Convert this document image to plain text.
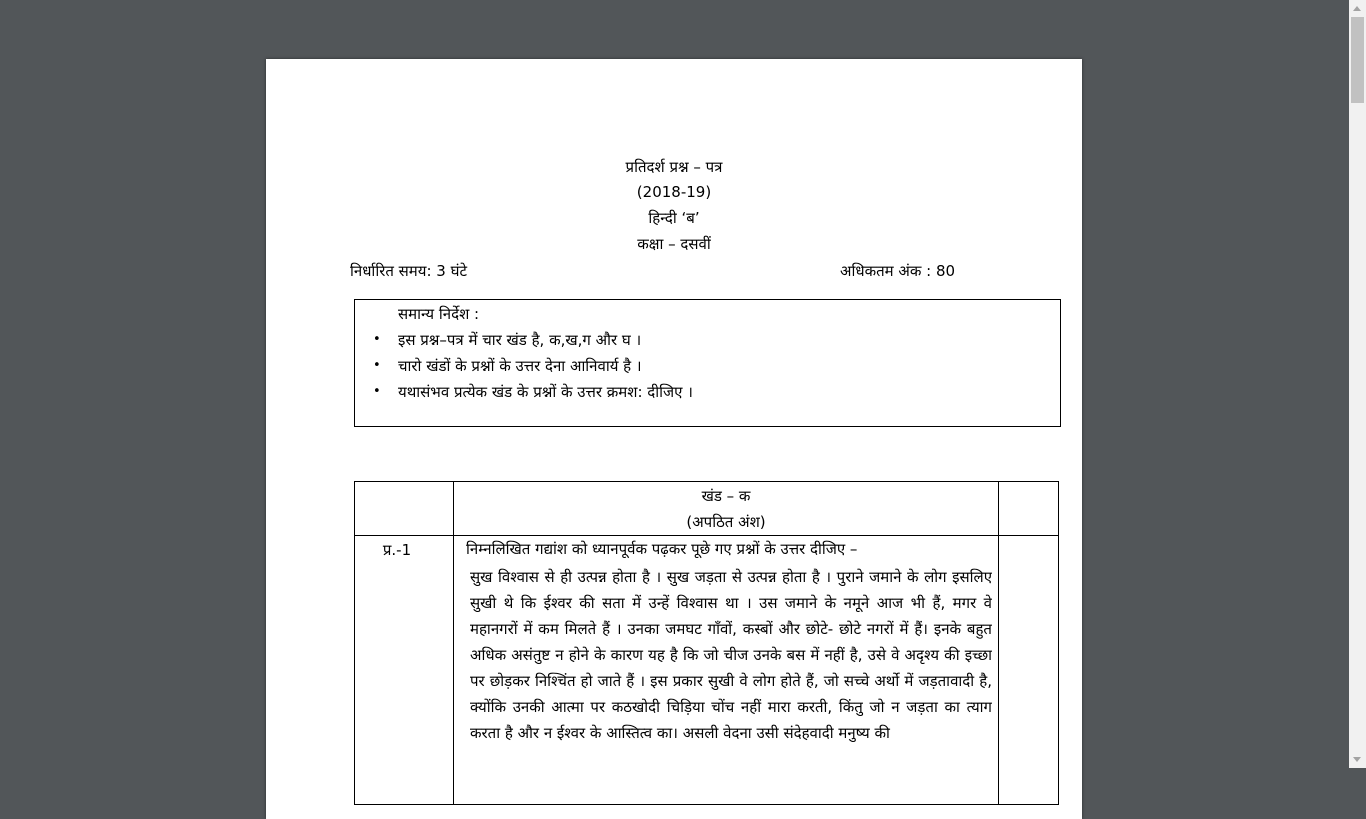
प्रतिदर्श प्रश्न – पत्र
(2018-19)
हिन्दी ‘ब’
कक्षा – दसवीं
निर्धारित समय: 3 घंटे	अधिकतम अंक : 80
समान्य निर्देश :
• इस प्रश्न–पत्र में चार खंड है, क,ख,ग और घ ।
• चारो खंडों के प्रश्नों के उत्तर देना आनिवार्य है ।
• यथासंभव प्रत्येक खंड के प्रश्नों के उत्तर क्रमश: दीजिए ।

	खंड – क
(अपठित अंश)	

प्र.-1	निम्नलिखित गद्यांश को ध्यानपूर्वक पढ़कर पूछे गए प्रश्नों के उत्तर दीजिए –
सुख विश्वास से ही उत्पन्न होता है । सुख जड़ता से उत्पन्न होता है । पुराने जमाने के लोग इसलिए सुखी थे कि ईश्वर की सता में उन्हें विश्वास था । उस जमाने के नमूने आज भी हैं, मगर वे महानगरों में कम मिलते हैं । उनका जमघट गाँवों, कस्बों और छोटे- छोटे नगरों में हैं। इनके बहुत अधिक असंतुष्ट न होने के कारण यह है कि जो चीज उनके बस में नहीं है, उसे वे अदृश्य की इच्छा पर छोड़कर निश्चिंत हो जाते हैं । इस प्रकार सुखी वे लोग होते हैं, जो सच्चे अर्थो में जड़तावादी है, क्योंकि उनकी आत्मा पर कठखोदी चिड़िया चोंच नहीं मारा करती, किंतु जो न जड़ता का त्याग करता है और न ईश्वर के आस्तित्व का। असली वेदना उसी संदेहवादी मनुष्य की	
